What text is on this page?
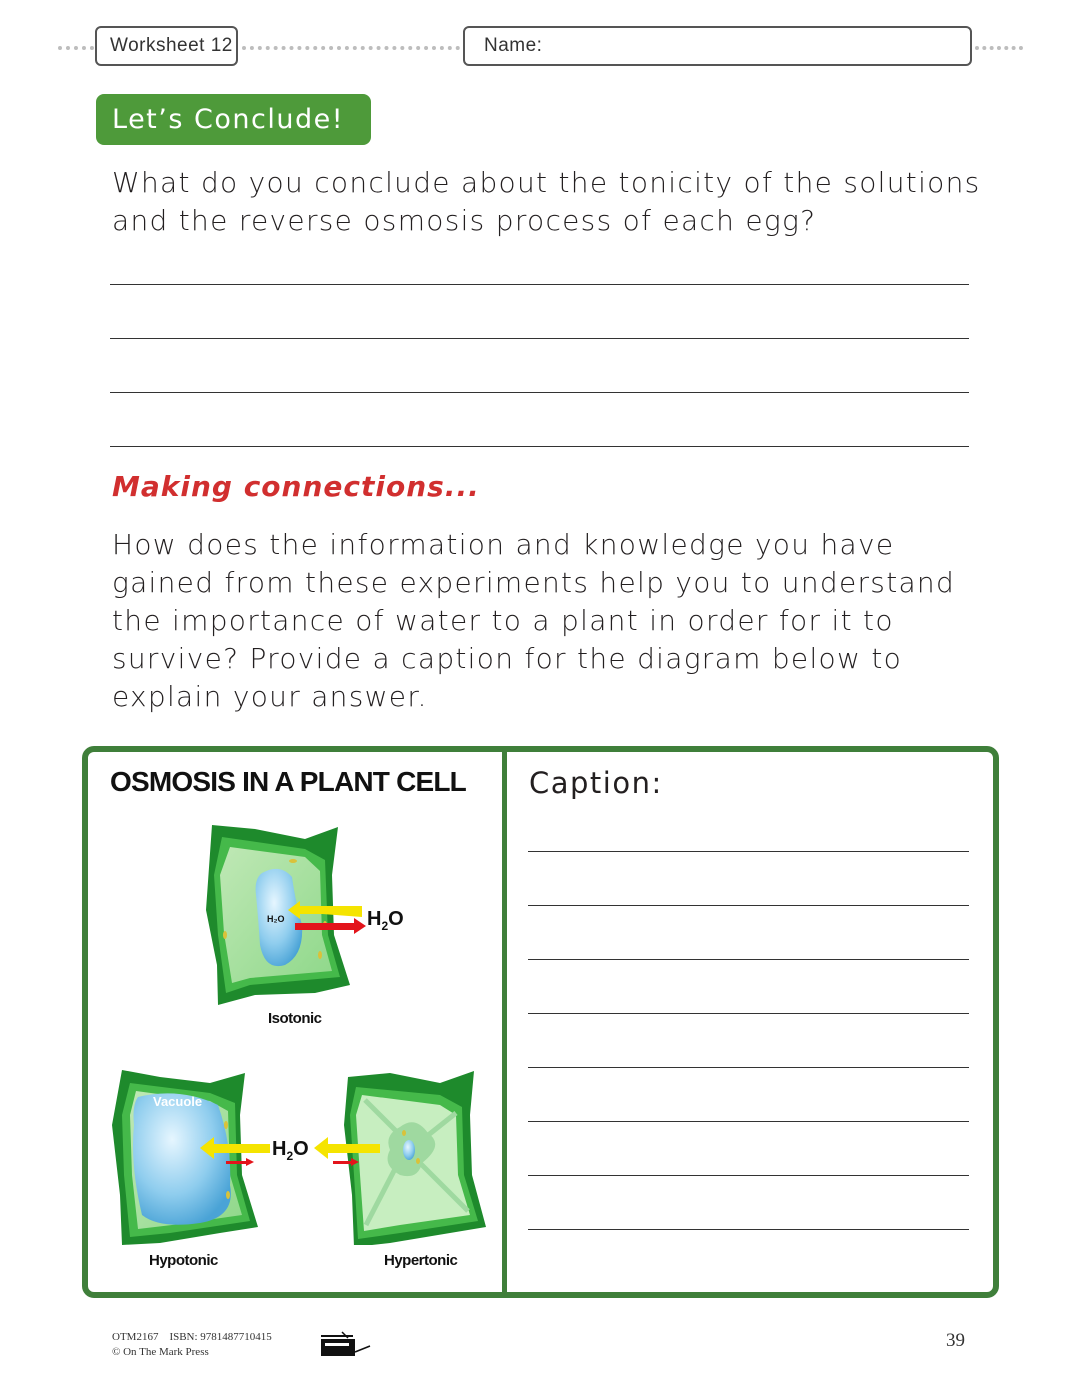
Worksheet 12	Name:
Let’s Conclude!
What do you conclude about the tonicity of the solutions
and the reverse osmosis process of each egg?
Making connections...
How does the information and knowledge you have
gained from these experiments help you to understand
the importance of water to a plant in order for it to
survive? Provide a caption for the diagram below to
explain your answer.
OSMOSIS IN A PLANT CELL
H₂O	$H_2O$
Vacuole
$H_2O$
Isotonic
Hypotonic	Hypertonic
Caption:
OTM2167    ISBN: 9781487710415
© On The Mark Press
39
